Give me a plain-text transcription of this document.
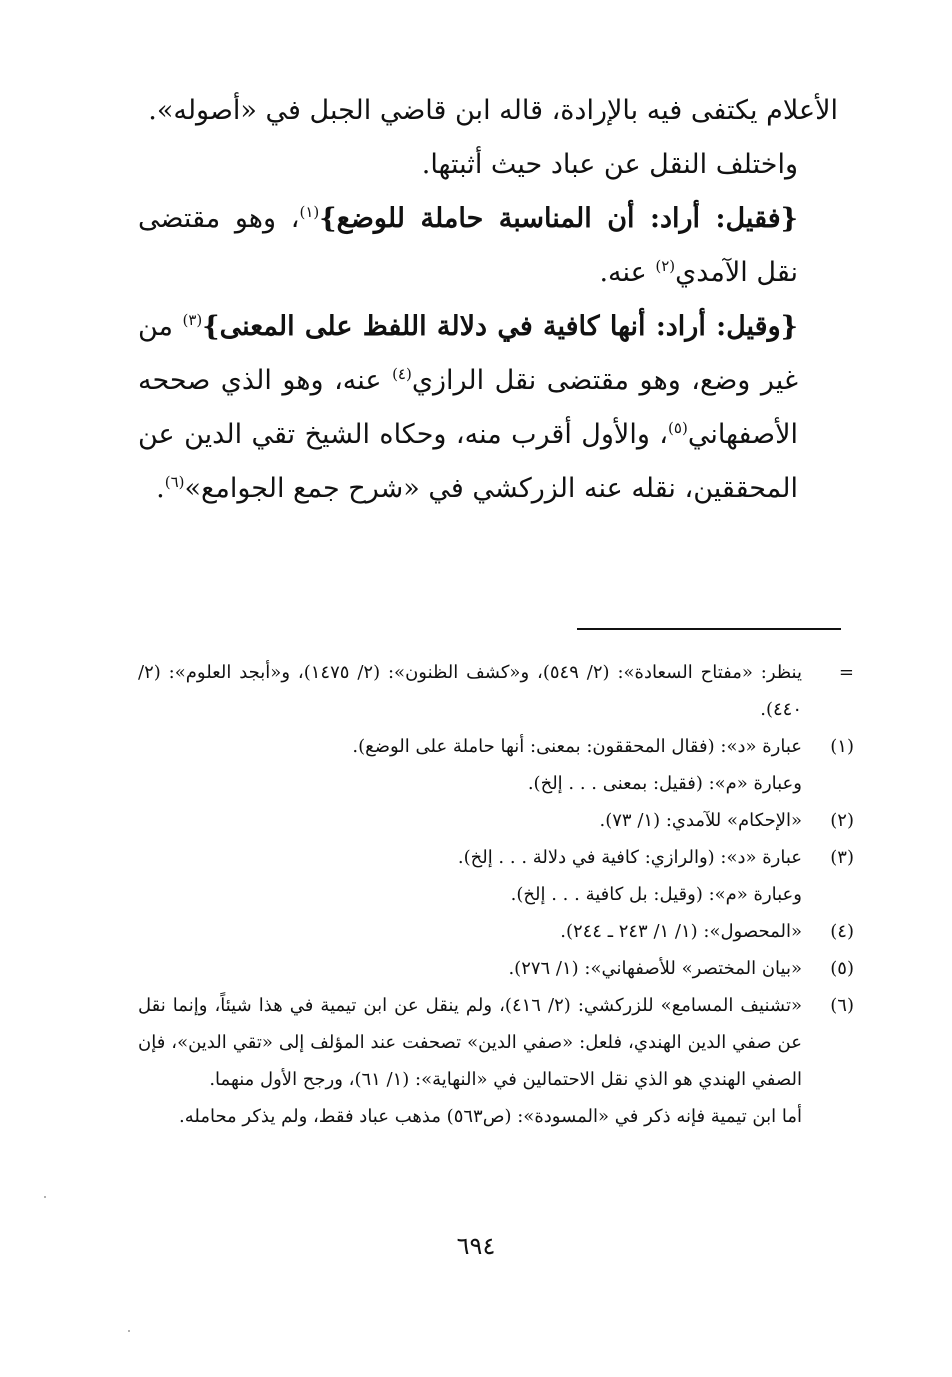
الأعلام يكتفى فيه بالإرادة، قاله ابن قاضي الجبل في «أصوله».

واختلف النقل عن عباد حيث أثبتها.

{فقيل: أراد: أن المناسبة حاملة للوضع}$^{(١)}$، وهو مقتضى نقل الآمدي$^{(٢)}$ عنه.

{وقيل: أراد: أنها كافية في دلالة اللفظ على المعنى}$^{(٣)}$ من غير وضع، وهو مقتضى نقل الرازي$^{(٤)}$ عنه، وهو الذي صححه الأصفهاني$^{(٥)}$، والأول أقرب منه، وحكاه الشيخ تقي الدين عن المحققين، نقله عنه الزركشي في «شرح جمع الجوامع»$^{(٦)}$.

=
ينظر: «مفتاح السعادة»: (٢/ ٥٤٩)، و«كشف الظنون»: (٢/ ١٤٧٥)، و«أبجد العلوم»: (٢/ ٤٤٠).
(١)
عبارة «د»: (فقال المحققون: بمعنى: أنها حاملة على الوضع).
وعبارة «م»: (فقيل: بمعنى . . . إلخ).
(٢)
«الإحكام» للآمدي: (١/ ٧٣).
(٣)
عبارة «د»: (والرازي: كافية في دلالة . . . إلخ).
وعبارة «م»: (وقيل: بل كافية . . . إلخ).
(٤)
«المحصول»: (١/ ١/ ٢٤٣ ـ ٢٤٤).
(٥)
«بيان المختصر» للأصفهاني»: (١/ ٢٧٦).
(٦)
«تشنيف المسامع» للزركشي: (٢/ ٤١٦)، ولم ينقل عن ابن تيمية في هذا شيئاً، وإنما نقل عن صفي الدين الهندي، فلعل: «صفي الدين» تصحفت عند المؤلف إلى «تقي الدين»، فإن الصفي الهندي هو الذي نقل الاحتمالين في «النهاية»: (١/ ٦١)، ورجح الأول منهما.
أما ابن تيمية فإنه ذكر في «المسودة»: (ص٥٦٣) مذهب عباد فقط، ولم يذكر محامله.
٦٩٤
